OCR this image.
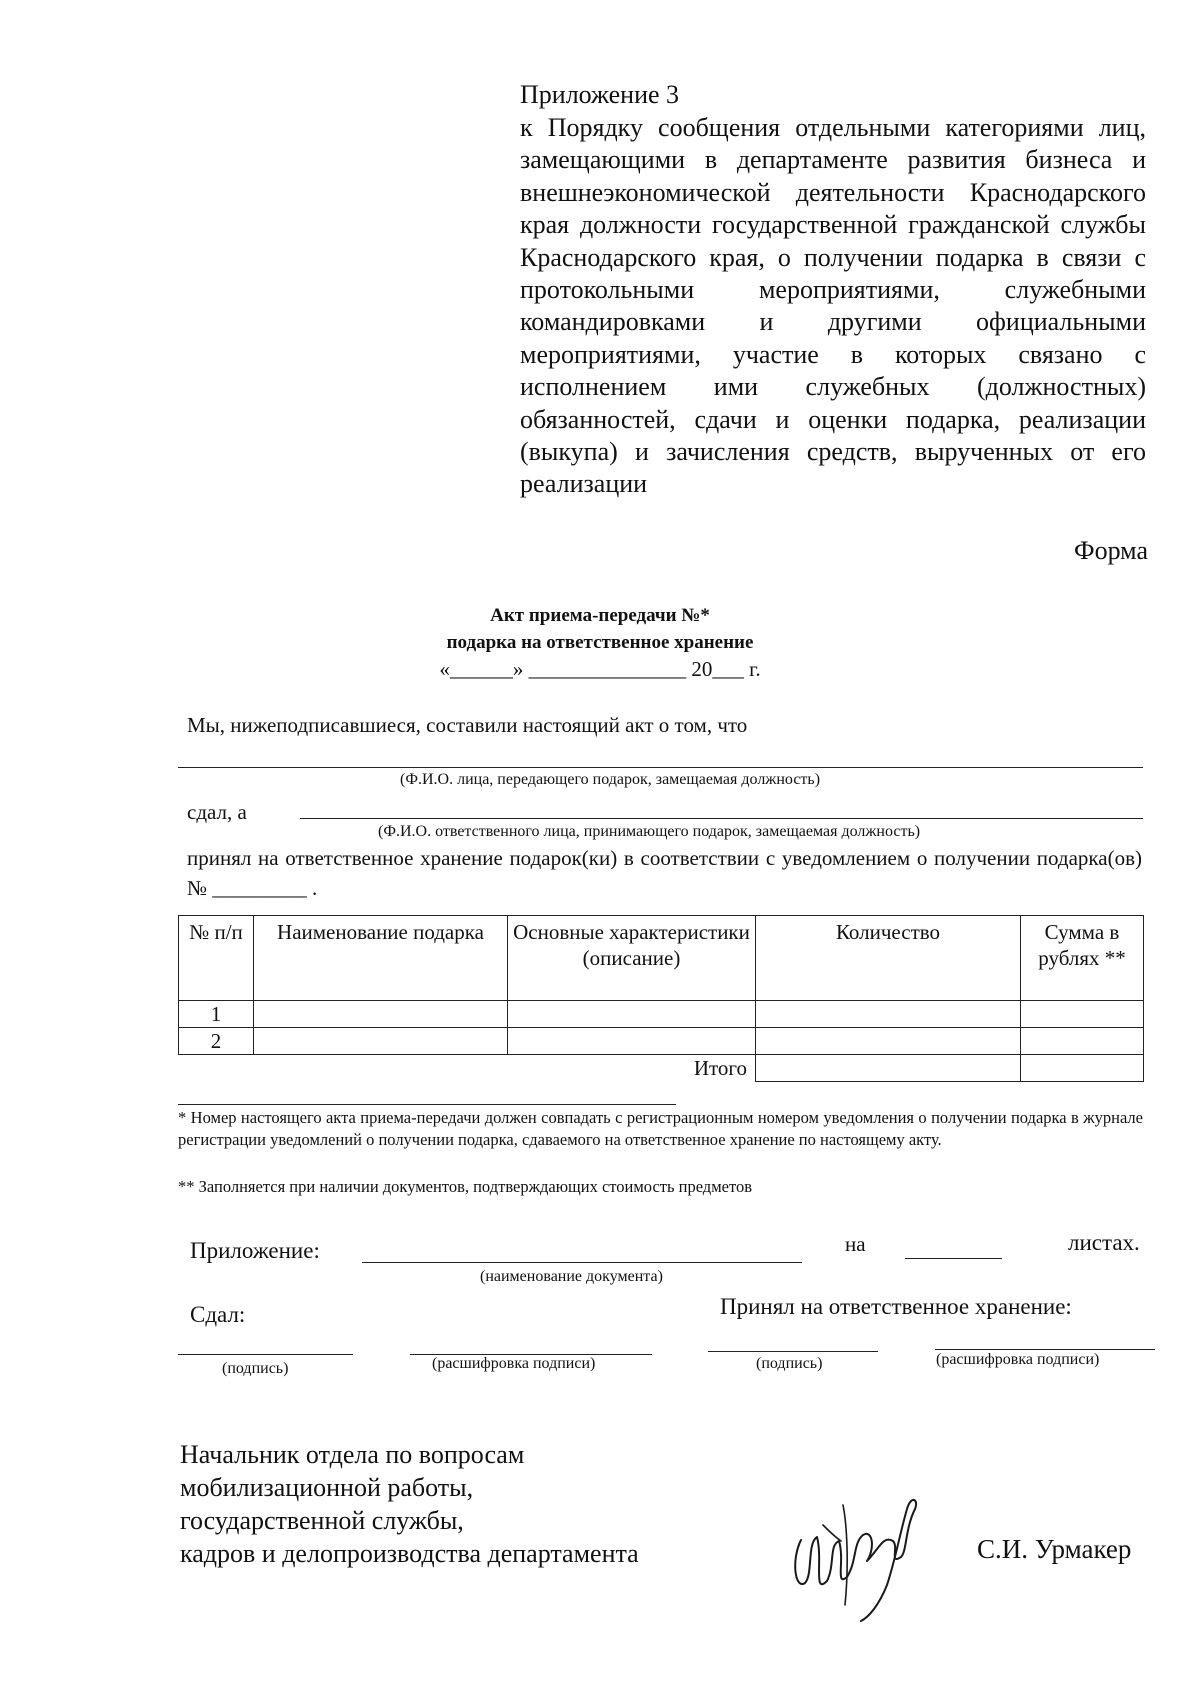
Приложение 3
к Порядку сообщения отдельными категориями лиц, замещающими в департаменте развития бизнеса и внешнеэкономической деятельности Краснодарского края должности государственной гражданской службы Краснодарского края, о получении подарка в связи с протокольными мероприятиями, служебными командировками и другими официальными мероприятиями, участие в которых связано с исполнением ими служебных (должностных) обязанностей, сдачи и оценки подарка, реализации (выкупа) и зачисления средств, вырученных от его реализации
Форма
Акт приема-передачи №*
подарка на ответственное хранение
«______» _______________ 20___ г.
Мы, нижеподписавшиеся, составили настоящий акт о том, что
(Ф.И.О. лица, передающего подарок, замещаемая должность)
сдал, а
(Ф.И.О. ответственного лица, принимающего подарок, замещаемая должность)
принял на ответственное хранение подарок(ки) в соответствии с уведомлением о получении подарка(ов) № _________ .
№ п/п	Наименование подарка	Основные характеристики (описание)	Количество	Сумма в рублях **
1				
2				
Итого				
* Номер настоящего акта приема-передачи должен совпадать с регистрационным номером уведомления о получении подарка в журнале регистрации уведомлений о получении подарка, сдаваемого на ответственное хранение по настоящему акту.
** Заполняется при наличии документов, подтверждающих стоимость предметов
Приложение:	на	листах.
(наименование документа)
Сдал:	Принял на ответственное хранение:
(подпись)	(расшифровка подписи)	(подпись)	(расшифровка подписи)
Начальник отдела по вопросам
мобилизационной работы,
государственной службы,
кадров и делопроизводства департамента	С.И. Урмакер
